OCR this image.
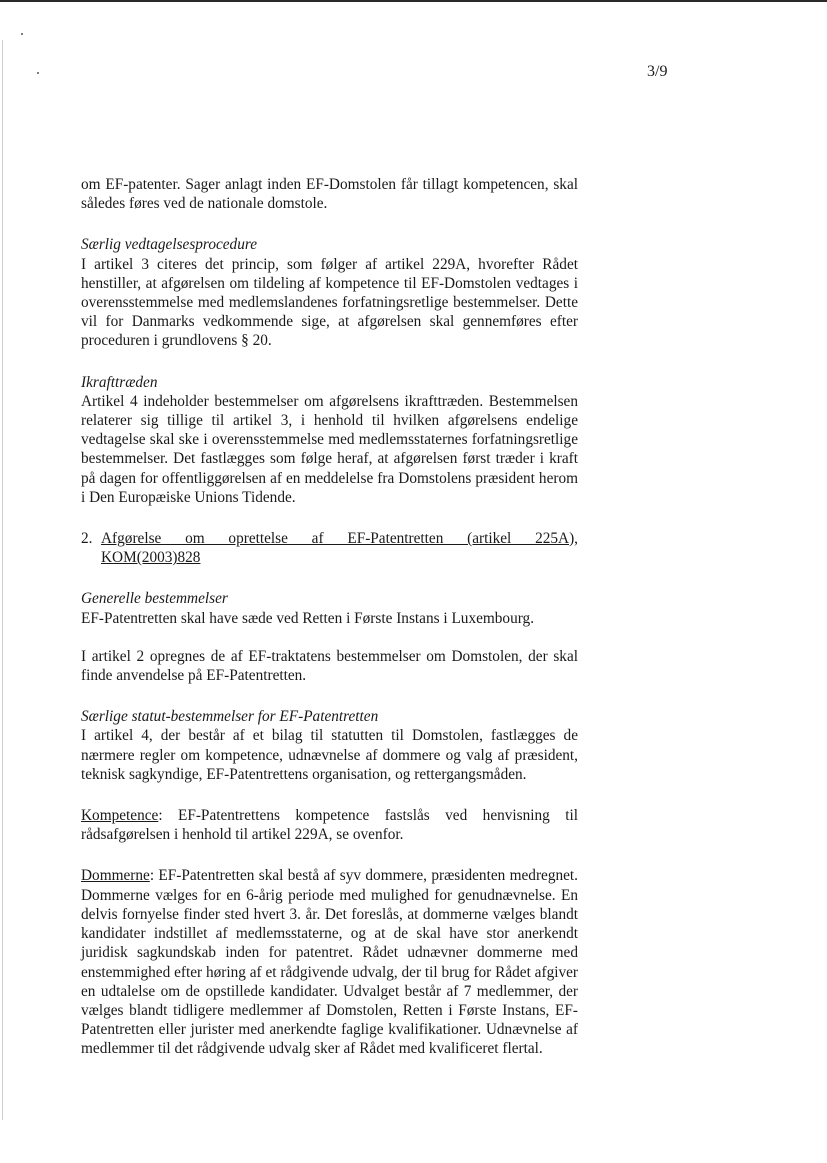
3/9

om EF-patenter. Sager anlagt inden EF-Domstolen får tillagt kompetencen, skal således føres ved de nationale domstole.

Særlig vedtagelsesprocedure

I artikel 3 citeres det princip, som følger af artikel 229A, hvorefter Rådet henstiller, at afgørelsen om tildeling af kompetence til EF-Domstolen vedtages i overensstemmelse med medlemslandenes forfatningsretlige bestemmelser. Dette vil for Danmarks vedkommende sige, at afgørelsen skal gennemføres efter proceduren i grundlovens § 20.

Ikrafttræden

Artikel 4 indeholder bestemmelser om afgørelsens ikrafttræden. Bestemmelsen relaterer sig tillige til artikel 3, i henhold til hvilken afgørelsens endelige vedtagelse skal ske i overensstemmelse med medlemsstaternes forfatningsretlige bestemmelser. Det fastlægges som følge heraf, at afgørelsen først træder i kraft på dagen for offentliggørelsen af en meddelelse fra Domstolens præsident herom i Den Europæiske Unions Tidende.

2. Afgørelse om oprettelse af EF-Patentretten (artikel 225A),
KOM(2003)828

Generelle bestemmelser

EF-Patentretten skal have sæde ved Retten i Første Instans i Luxembourg.

I artikel 2 opregnes de af EF-traktatens bestemmelser om Domstolen, der skal finde anvendelse på EF-Patentretten.

Særlige statut-bestemmelser for EF-Patentretten

I artikel 4, der består af et bilag til statutten til Domstolen, fastlægges de nærmere regler om kompetence, udnævnelse af dommere og valg af præsident, teknisk sagkyndige, EF-Patentrettens organisation, og rettergangsmåden.

Kompetence: EF-Patentrettens kompetence fastslås ved henvisning til rådsafgørelsen i henhold til artikel 229A, se ovenfor.

Dommerne: EF-Patentretten skal bestå af syv dommere, præsidenten medregnet. Dommerne vælges for en 6-årig periode med mulighed for genudnævnelse. En delvis fornyelse finder sted hvert 3. år. Det foreslås, at dommerne vælges blandt kandidater indstillet af medlemsstaterne, og at de skal have stor anerkendt juridisk sagkundskab inden for patentret. Rådet udnævner dommerne med enstemmighed efter høring af et rådgivende udvalg, der til brug for Rådet afgiver en udtalelse om de opstillede kandidater. Udvalget består af 7 medlemmer, der vælges blandt tidligere medlemmer af Domstolen, Retten i Første Instans, EF-Patentretten eller jurister med anerkendte faglige kvalifikationer. Udnævnelse af medlemmer til det rådgivende udvalg sker af Rådet med kvalificeret flertal.
